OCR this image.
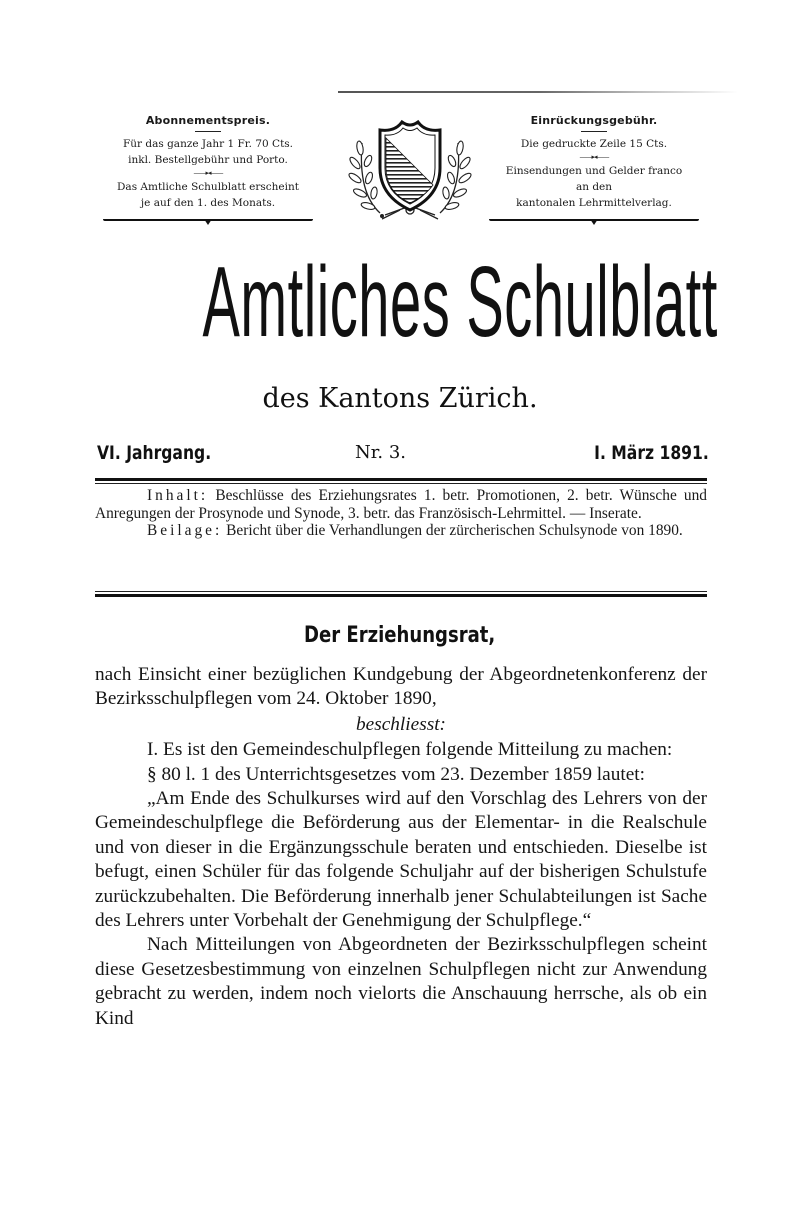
Abonnementspreis.
Für das ganze Jahr 1 Fr. 70 Cts.
inkl. Bestellgebühr und Porto.
——▸◂——
Das Amtliche Schulblatt erscheint
je auf den 1. des Monats.
Einrückungsgebühr.
Die gedruckte Zeile 15 Cts.
——▸◂——
Einsendungen und Gelder franco
an den
kantonalen Lehrmittelverlag.
Amtliches Schulblatt
des Kantons Zürich.
VI. Jahrgang.	Nr. 3.	I. März 1891.

Inhalt: Beschlüsse des Erziehungsrates 1. betr. Promotionen, 2. betr. Wünsche und Anregungen der Prosynode und Synode, 3. betr. das Französisch-Lehrmittel. — Inserate.

Beilage: Bericht über die Verhandlungen der zürcherischen Schulsynode von 1890.

Der Erziehungsrat,

nach Einsicht einer bezüglichen Kundgebung der Abgeordnetenkonferenz der Bezirksschulpflegen vom 24. Oktober 1890,

beschliesst:

I. Es ist den Gemeindeschulpflegen folgende Mitteilung zu machen:

§ 80 l. 1 des Unterrichtsgesetzes vom 23. Dezember 1859 lautet:

„Am Ende des Schulkurses wird auf den Vorschlag des Lehrers von der Gemeindeschulpflege die Beförderung aus der Elementar- in die Realschule und von dieser in die Ergänzungsschule beraten und entschieden. Dieselbe ist befugt, einen Schüler für das folgende Schuljahr auf der bisherigen Schulstufe zurückzubehalten. Die Beförderung innerhalb jener Schulabteilungen ist Sache des Lehrers unter Vorbehalt der Genehmigung der Schulpflege.“

Nach Mitteilungen von Abgeordneten der Bezirksschulpflegen scheint diese Gesetzesbestimmung von einzelnen Schulpflegen nicht zur Anwendung gebracht zu werden, indem noch vielorts die Anschauung herrsche, als ob ein Kind
